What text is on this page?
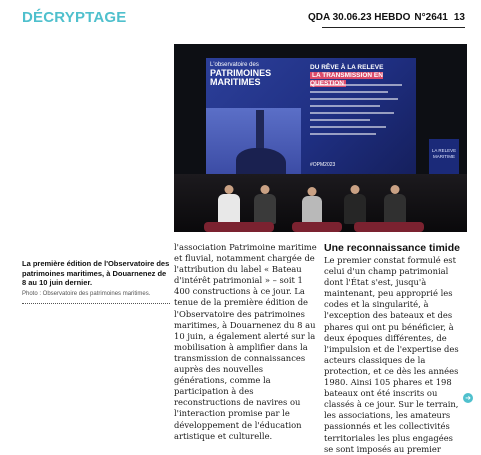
DÉCRYPTAGE	QDA 30.06.23 HEBDO N°2641 13
L'observatoire des
PATRIMOINES MARITIMES
DU RÊVE À LA RELEVE
LA TRANSMISSION EN
#OPM2023
LA RELEVE MARITIME
La première édition de l'Observatoire des patrimoines maritimes, à Douarnenez de 8 au 10 juin dernier.
Photo : Observatoire des patrimoines maritimes.

l'association Patrimoine maritime et fluvial, notamment chargée de l'attribution du label « Bateau d'intérêt patrimonial » – soit 1 400 constructions à ce jour. La tenue de la première édition de l'Observatoire des patrimoines maritimes, à Douarnenez du 8 au 10 juin, a également alerté sur la mobilisation à amplifier dans la transmission de connaissances auprès des nouvelles générations, comme la participation à des reconstructions de navires ou l'interaction promise par le développement de l'éducation artistique et culturelle.

Une reconnaissance timide

Le premier constat formulé est celui d'un champ patrimonial dont l'État s'est, jusqu'à maintenant, peu approprié les codes et la singularité, à l'exception des bateaux et des phares qui ont pu bénéficier, à deux époques différentes, de l'impulsion et de l'expertise des acteurs classiques de la protection, et ce dès les années 1980. Ainsi 105 phares et 198 bateaux ont été inscrits ou classés à ce jour. Sur le terrain, les associations, les amateurs passionnés et les collectivités territoriales les plus engagées se sont imposés au premier

➜
